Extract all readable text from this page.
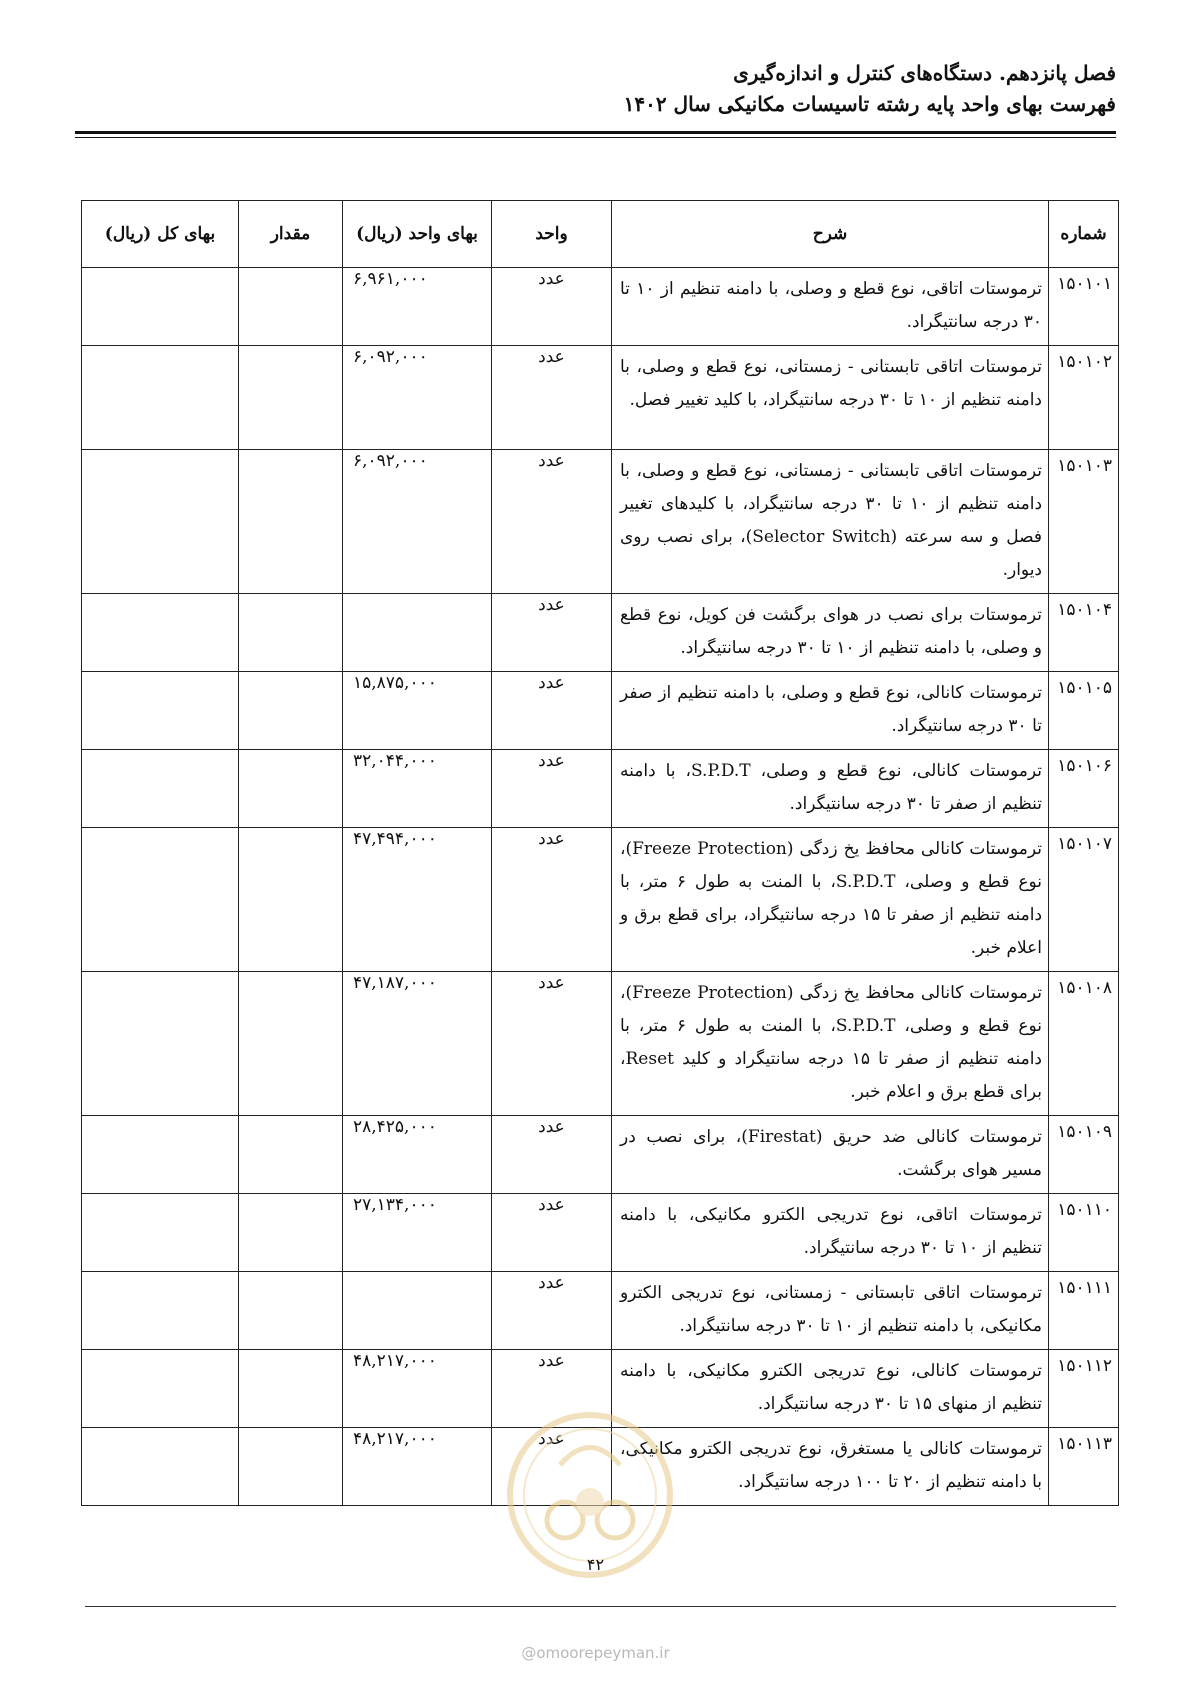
فصل پانزدهم. دستگاه‌های کنترل و اندازه‌گیری
فهرست بهای واحد پایه رشته تاسیسات مکانیکی سال ۱۴۰۲
شماره	شرح	واحد	بهای واحد (ریال)	مقدار	بهای کل (ریال)
۱۵۰۱۰۱	ترموستات اتاقی، نوع قطع و وصلی، با دامنه تنظیم از ۱۰ تا ۳۰ درجه سانتیگراد.	عدد	۶,۹۶۱,۰۰۰		
۱۵۰۱۰۲	ترموستات اتاقی تابستانی - زمستانی، نوع قطع و وصلی، با دامنه تنظیم از ۱۰ تا ۳۰ درجه سانتیگراد، با کلید تغییر فصل.	عدد	۶,۰۹۲,۰۰۰		
۱۵۰۱۰۳	ترموستات اتاقی تابستانی - زمستانی، نوع قطع و وصلی، با دامنه تنظیم از ۱۰ تا ۳۰ درجه سانتیگراد، با کلیدهای تغییر فصل و سه سرعته (Selector Switch)، برای نصب روی دیوار.	عدد	۶,۰۹۲,۰۰۰		
۱۵۰۱۰۴	ترموستات برای نصب در هوای برگشت فن کویل، نوع قطع و وصلی، با دامنه تنظیم از ۱۰ تا ۳۰ درجه سانتیگراد.	عدد			
۱۵۰۱۰۵	ترموستات کانالی، نوع قطع و وصلی، با دامنه تنظیم از صفر تا ۳۰ درجه سانتیگراد.	عدد	۱۵,۸۷۵,۰۰۰		
۱۵۰۱۰۶	ترموستات کانالی، نوع قطع و وصلی، S.P.D.T، با دامنه تنظیم از صفر تا ۳۰ درجه سانتیگراد.	عدد	۳۲,۰۴۴,۰۰۰		
۱۵۰۱۰۷	ترموستات کانالی محافظ یخ زدگی (Freeze Protection)، نوع قطع و وصلی، S.P.D.T، با المنت به طول ۶ متر، با دامنه تنظیم از صفر تا ۱۵ درجه سانتیگراد، برای قطع برق و اعلام خبر.	عدد	۴۷,۴۹۴,۰۰۰		
۱۵۰۱۰۸	ترموستات کانالی محافظ یخ زدگی (Freeze Protection)، نوع قطع و وصلی، S.P.D.T، با المنت به طول ۶ متر، با دامنه تنظیم از صفر تا ۱۵ درجه سانتیگراد و کلید Reset، برای قطع برق و اعلام خبر.	عدد	۴۷,۱۸۷,۰۰۰		
۱۵۰۱۰۹	ترموستات کانالی ضد حریق (Firestat)، برای نصب در مسیر هوای برگشت.	عدد	۲۸,۴۲۵,۰۰۰		
۱۵۰۱۱۰	ترموستات اتاقی، نوع تدریجی الکترو مکانیکی، با دامنه تنظیم از ۱۰ تا ۳۰ درجه سانتیگراد.	عدد	۲۷,۱۳۴,۰۰۰		
۱۵۰۱۱۱	ترموستات اتاقی تابستانی - زمستانی، نوع تدریجی الکترو مکانیکی، با دامنه تنظیم از ۱۰ تا ۳۰ درجه سانتیگراد.	عدد			
۱۵۰۱۱۲	ترموستات کانالی، نوع تدریجی الکترو مکانیکی، با دامنه تنظیم از منهای ۱۵ تا ۳۰ درجه سانتیگراد.	عدد	۴۸,۲۱۷,۰۰۰		
۱۵۰۱۱۳	ترموستات کانالی یا مستغرق، نوع تدریجی الکترو مکانیکی، با دامنه تنظیم از ۲۰ تا ۱۰۰ درجه سانتیگراد.	عدد	۴۸,۲۱۷,۰۰۰		
۴۲
@omoorepeyman.ir
